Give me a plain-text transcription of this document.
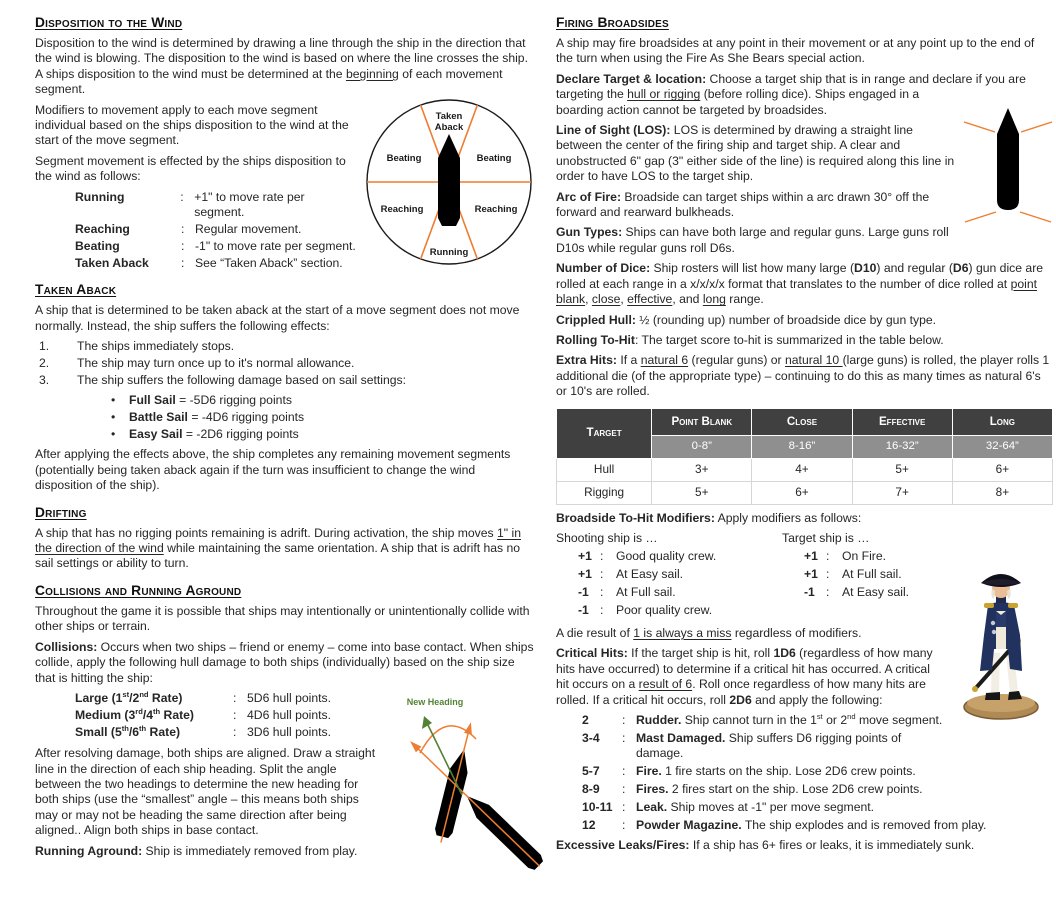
Taken
Aback
Beating	Beating
Reaching	Reaching
Running
Disposition to the Wind

Disposition to the wind is determined by drawing a line through the ship in the direction that the wind is blowing. The disposition to the wind is based on where the line crosses the ship. A ships disposition to the wind must be determined at the beginning of each movement segment.

Modifiers to movement apply to each move segment individual based on the ships disposition to the wind at the start of the move segment.

Segment movement is effected by the ships disposition to the wind as follows:

Running	: +1" to move rate per segment.
Reaching	: Regular movement.
Beating	: -1" to move rate per segment.
Taken Aback	: See “Taken Aback” section.
Taken Aback

A ship that is determined to be taken aback at the start of a move segment does not move normally. Instead, the ship suffers the following effects:

1.	The ships immediately stops.
2.	The ship may turn once up to it's normal allowance.
3.	The ship suffers the following damage based on sail settings:
•
Full Sail = -5D6 rigging points
•
Battle Sail = -4D6 rigging points
•
Easy Sail = -2D6 rigging points

After applying the effects above, the ship completes any remaining movement segments (potentially being taken aback again if the turn was insufficient to change the wind disposition of the ship).

Drifting

A ship that has no rigging points remaining is adrift. During activation, the ship moves 1" in the direction of the wind while maintaining the same orientation. A ship that is adrift has no sail settings or ability to turn.

Collisions and Running Aground

Throughout the game it is possible that ships may intentionally or unintentionally collide with other ships or terrain.

Collisions: Occurs when two ships – friend or enemy – come into base contact. When ships collide, apply the following hull damage to both ships (individually) based on the ship size that is hitting the ship:

New Heading
Large (1st/2nd Rate)	: 5D6 hull points.
Medium (3rd/4th Rate)	: 4D6 hull points.
Small (5th/6th Rate)	: 3D6 hull points.

After resolving damage, both ships are aligned. Draw a straight line in the direction of each ship heading. Split the angle between the two headings to determine the new heading for both ships (use the “smallest” angle – this means both ships may or may not be heading the same direction after being aligned.. Align both ships in base contact.

Running Aground: Ship is immediately removed from play.

Firing Broadsides

A ship may fire broadsides at any point in their movement or at any point up to the end of the turn when using the Fire As She Bears special action.

Declare Target & location: Choose a target ship that is in range and declare if you are targeting the hull or rigging (before rolling dice). Ships engaged in a boarding action cannot be targeted by broadsides.

Line of Sight (LOS): LOS is determined by drawing a straight line between the center of the firing ship and target ship. A clear and unobstructed 6" gap (3" either side of the line) is required along this line in order to have LOS to the target ship.

Arc of Fire: Broadside can target ships within a arc drawn 30° off the forward and rearward bulkheads.

Gun Types: Ships can have both large and regular guns. Large guns roll D10s while regular guns roll D6s.

Number of Dice: Ship rosters will list how many large (D10) and regular (D6) gun dice are rolled at each range in a x/x/x/x format that translates to the number of dice rolled at point blank, close, effective, and long range.

Crippled Hull: ½ (rounding up) number of broadside dice by gun type.

Rolling To-Hit: The target score to-hit is summarized in the table below.

Extra Hits: If a natural 6 (regular guns) or natural 10 (large guns) is rolled, the player rolls 1 additional die (of the appropriate type) – continuing to do this as many times as natural 6's or 10's are rolled.

Target	Point Blank	Close	Effective	Long
	0-8”	8-16”	16-32”	32-64”
Hull	3+	4+	5+	6+
Rigging	5+	6+	7+	8+

Broadside To-Hit Modifiers: Apply modifiers as follows:

Shooting ship is …
+1 :	Good quality crew.
+1 :	At Easy sail.
-1 :	At Full sail.
-1 :	Poor quality crew.
Target ship is …
+1 :	On Fire.
+1 :	At Full sail.
-1 :	At Easy sail.

A die result of 1 is always a miss regardless of modifiers.

Critical Hits: If the target ship is hit, roll 1D6 (regardless of how many hits have occurred) to determine if a critical hit has occurred. A critical hit occurs on a result of 6. Roll once regardless of how many hits are rolled. If a critical hit occurs, roll 2D6 and apply the following:

2	: Rudder. Ship cannot turn in the 1st or 2nd move segment.
3-4	: Mast Damaged. Ship suffers D6 rigging points of damage.
5-7	: Fire. 1 fire starts on the ship. Lose 2D6 crew points.
8-9	: Fires. 2 fires start on the ship. Lose 2D6 crew points.
10-11 : Leak. Ship moves at -1" per move segment.
12	: Powder Magazine. The ship explodes and is removed from play.

Excessive Leaks/Fires: If a ship has 6+ fires or leaks, it is immediately sunk.
